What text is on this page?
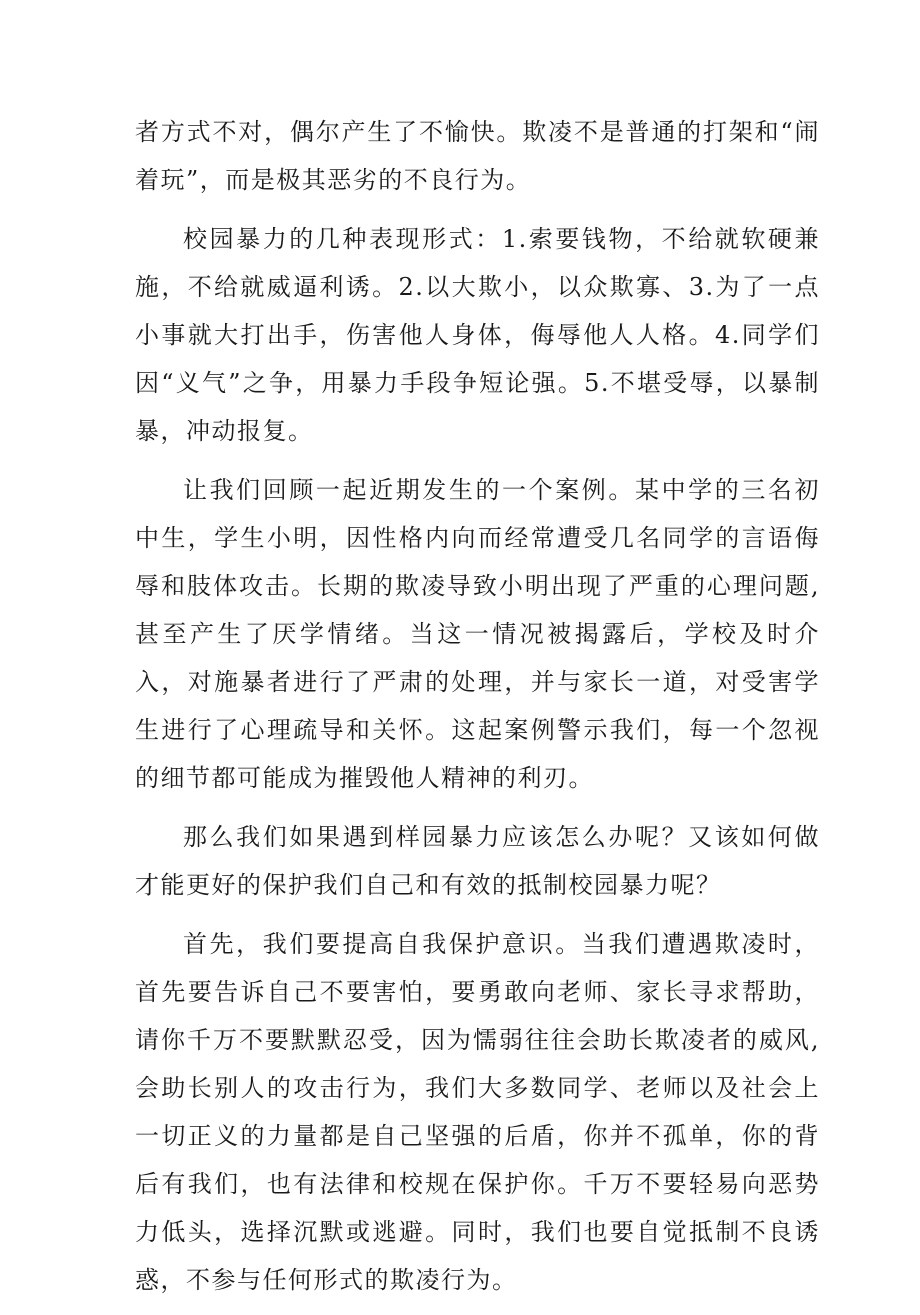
者方式不对，偶尔产生了不愉快。欺凌不是普通的打架和“闹着玩”，而是极其恶劣的不良行为。

校园暴力的几种表现形式：1.索要钱物，不给就软硬兼施，不给就威逼利诱。2.以大欺小，以众欺寡、3.为了一点小事就大打出手，伤害他人身体，侮辱他人人格。4.同学们因“义气”之争，用暴力手段争短论强。5.不堪受辱，以暴制暴，冲动报复。

让我们回顾一起近期发生的一个案例。某中学的三名初中生，学生小明，因性格内向而经常遭受几名同学的言语侮辱和肢体攻击。长期的欺凌导致小明出现了严重的心理问题,甚至产生了厌学情绪。当这一情况被揭露后，学校及时介入，对施暴者进行了严肃的处理，并与家长一道，对受害学生进行了心理疏导和关怀。这起案例警示我们，每一个忽视的细节都可能成为摧毁他人精神的利刃。

那么我们如果遇到样园暴力应该怎么办呢？又该如何做才能更好的保护我们自己和有效的抵制校园暴力呢？

首先，我们要提高自我保护意识。当我们遭遇欺凌时，首先要告诉自己不要害怕，要勇敢向老师、家长寻求帮助，请你千万不要默默忍受，因为懦弱往往会助长欺凌者的威风,会助长别人的攻击行为，我们大多数同学、老师以及社会上一切正义的力量都是自己坚强的后盾，你并不孤单，你的背后有我们，也有法律和校规在保护你。千万不要轻易向恶势力低头，选择沉默或逃避。同时，我们也要自觉抵制不良诱惑，不参与任何形式的欺凌行为。
